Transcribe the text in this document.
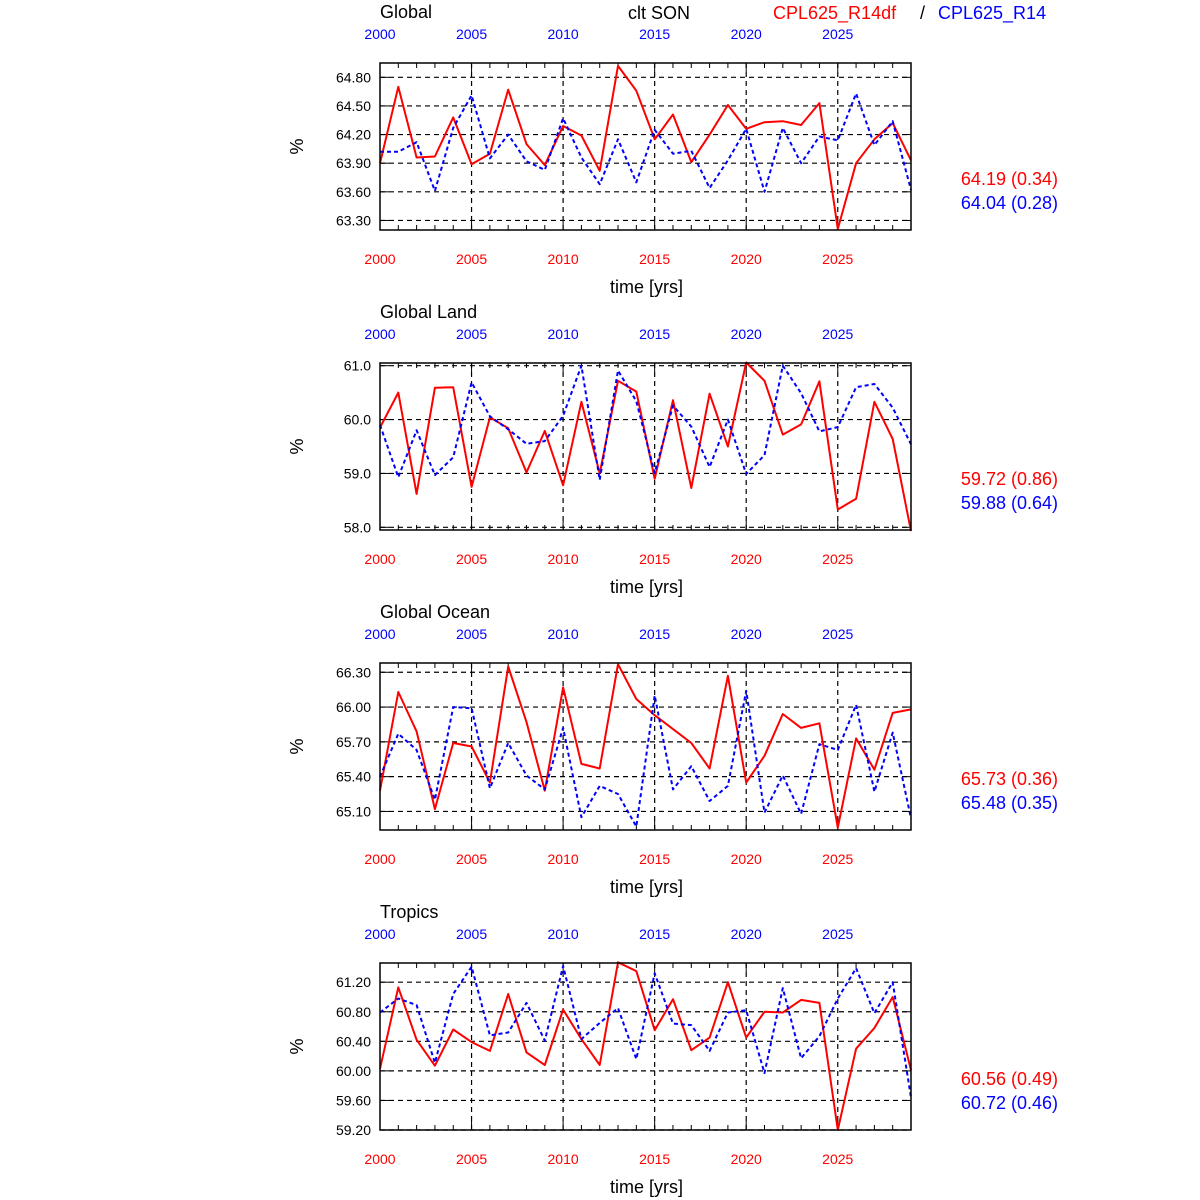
clt SON	CPL625_R14df / CPL625_R14
Global
2000
2000
2005
2005
2010
2010
2015
2015
2020
2020
2025
2025
63.30
63.60
63.90
64.20
64.50
64.80
%
time [yrs]
64.19 (0.34)
64.04 (0.28)
Global Land
2000
2000
2005
2005
2010
2010
2015
2015
2020
2020
2025
2025
58.0
59.0
60.0
61.0
%
time [yrs]
59.72 (0.86)
59.88 (0.64)
Global Ocean
2000
2000
2005
2005
2010
2010
2015
2015
2020
2020
2025
2025
65.10
65.40
65.70
66.00
66.30
%
time [yrs]
65.73 (0.36)
65.48 (0.35)
Tropics
2000
2000
2005
2005
2010
2010
2015
2015
2020
2020
2025
2025
59.20
59.60
60.00
60.40
60.80
61.20
%
time [yrs]
60.56 (0.49)
60.72 (0.46)
